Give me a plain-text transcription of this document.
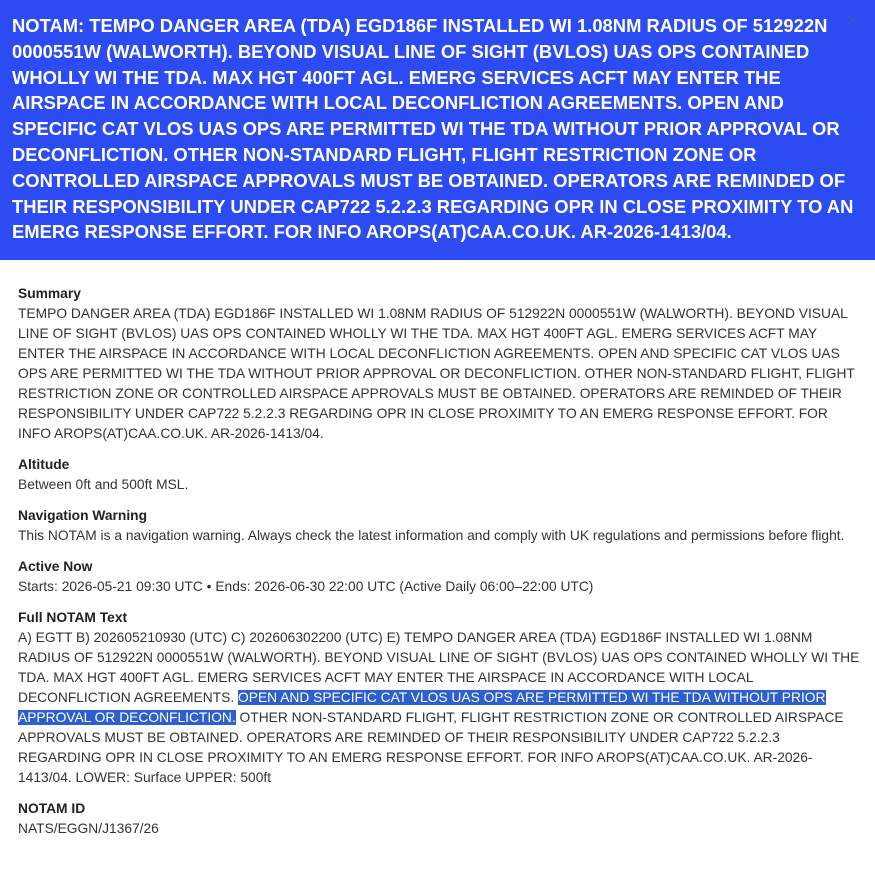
NOTAM: TEMPO DANGER AREA (TDA) EGD186F INSTALLED WI 1.08NM RADIUS OF 512922N 0000551W (WALWORTH). BEYOND VISUAL LINE OF SIGHT (BVLOS) UAS OPS CONTAINED WHOLLY WI THE TDA. MAX HGT 400FT AGL. EMERG SERVICES ACFT MAY ENTER THE AIRSPACE IN ACCORDANCE WITH LOCAL DECONFLICTION AGREEMENTS. OPEN AND SPECIFIC CAT VLOS UAS OPS ARE PERMITTED WI THE TDA WITHOUT PRIOR APPROVAL OR DECONFLICTION. OTHER NON-STANDARD FLIGHT, FLIGHT RESTRICTION ZONE OR CONTROLLED AIRSPACE APPROVALS MUST BE OBTAINED. OPERATORS ARE REMINDED OF THEIR RESPONSIBILITY UNDER CAP722 5.2.2.3 REGARDING OPR IN CLOSE PROXIMITY TO AN EMERG RESPONSE EFFORT. FOR INFO AROPS(AT)CAA.CO.UK. AR-2026-1413/04.

×

Summary

TEMPO DANGER AREA (TDA) EGD186F INSTALLED WI 1.08NM RADIUS OF 512922N 0000551W (WALWORTH). BEYOND VISUAL LINE OF SIGHT (BVLOS) UAS OPS CONTAINED WHOLLY WI THE TDA. MAX HGT 400FT AGL. EMERG SERVICES ACFT MAY ENTER THE AIRSPACE IN ACCORDANCE WITH LOCAL DECONFLICTION AGREEMENTS. OPEN AND SPECIFIC CAT VLOS UAS OPS ARE PERMITTED WI THE TDA WITHOUT PRIOR APPROVAL OR DECONFLICTION. OTHER NON-STANDARD FLIGHT, FLIGHT RESTRICTION ZONE OR CONTROLLED AIRSPACE APPROVALS MUST BE OBTAINED. OPERATORS ARE REMINDED OF THEIR RESPONSIBILITY UNDER CAP722 5.2.2.3 REGARDING OPR IN CLOSE PROXIMITY TO AN EMERG RESPONSE EFFORT. FOR INFO AROPS(AT)CAA.CO.UK. AR-2026-1413/04.

Altitude

Between 0ft and 500ft MSL.

Navigation Warning

This NOTAM is a navigation warning. Always check the latest information and comply with UK regulations and permissions before flight.

Active Now

Starts: 2026-05-21 09:30 UTC • Ends: 2026-06-30 22:00 UTC (Active Daily 06:00–22:00 UTC)

Full NOTAM Text

A) EGTT B) 202605210930 (UTC) C) 202606302200 (UTC) E) TEMPO DANGER AREA (TDA) EGD186F INSTALLED WI 1.08NM RADIUS OF 512922N 0000551W (WALWORTH). BEYOND VISUAL LINE OF SIGHT (BVLOS) UAS OPS CONTAINED WHOLLY WI THE TDA. MAX HGT 400FT AGL. EMERG SERVICES ACFT MAY ENTER THE AIRSPACE IN ACCORDANCE WITH LOCAL DECONFLICTION AGREEMENTS. OPEN AND SPECIFIC CAT VLOS UAS OPS ARE PERMITTED WI THE TDA WITHOUT PRIOR APPROVAL OR DECONFLICTION. OTHER NON-STANDARD FLIGHT, FLIGHT RESTRICTION ZONE OR CONTROLLED AIRSPACE APPROVALS MUST BE OBTAINED. OPERATORS ARE REMINDED OF THEIR RESPONSIBILITY UNDER CAP722 5.2.2.3 REGARDING OPR IN CLOSE PROXIMITY TO AN EMERG RESPONSE EFFORT. FOR INFO AROPS(AT)CAA.CO.UK. AR-2026-1413/04. LOWER: Surface UPPER: 500ft

NOTAM ID

NATS/EGGN/J1367/26
